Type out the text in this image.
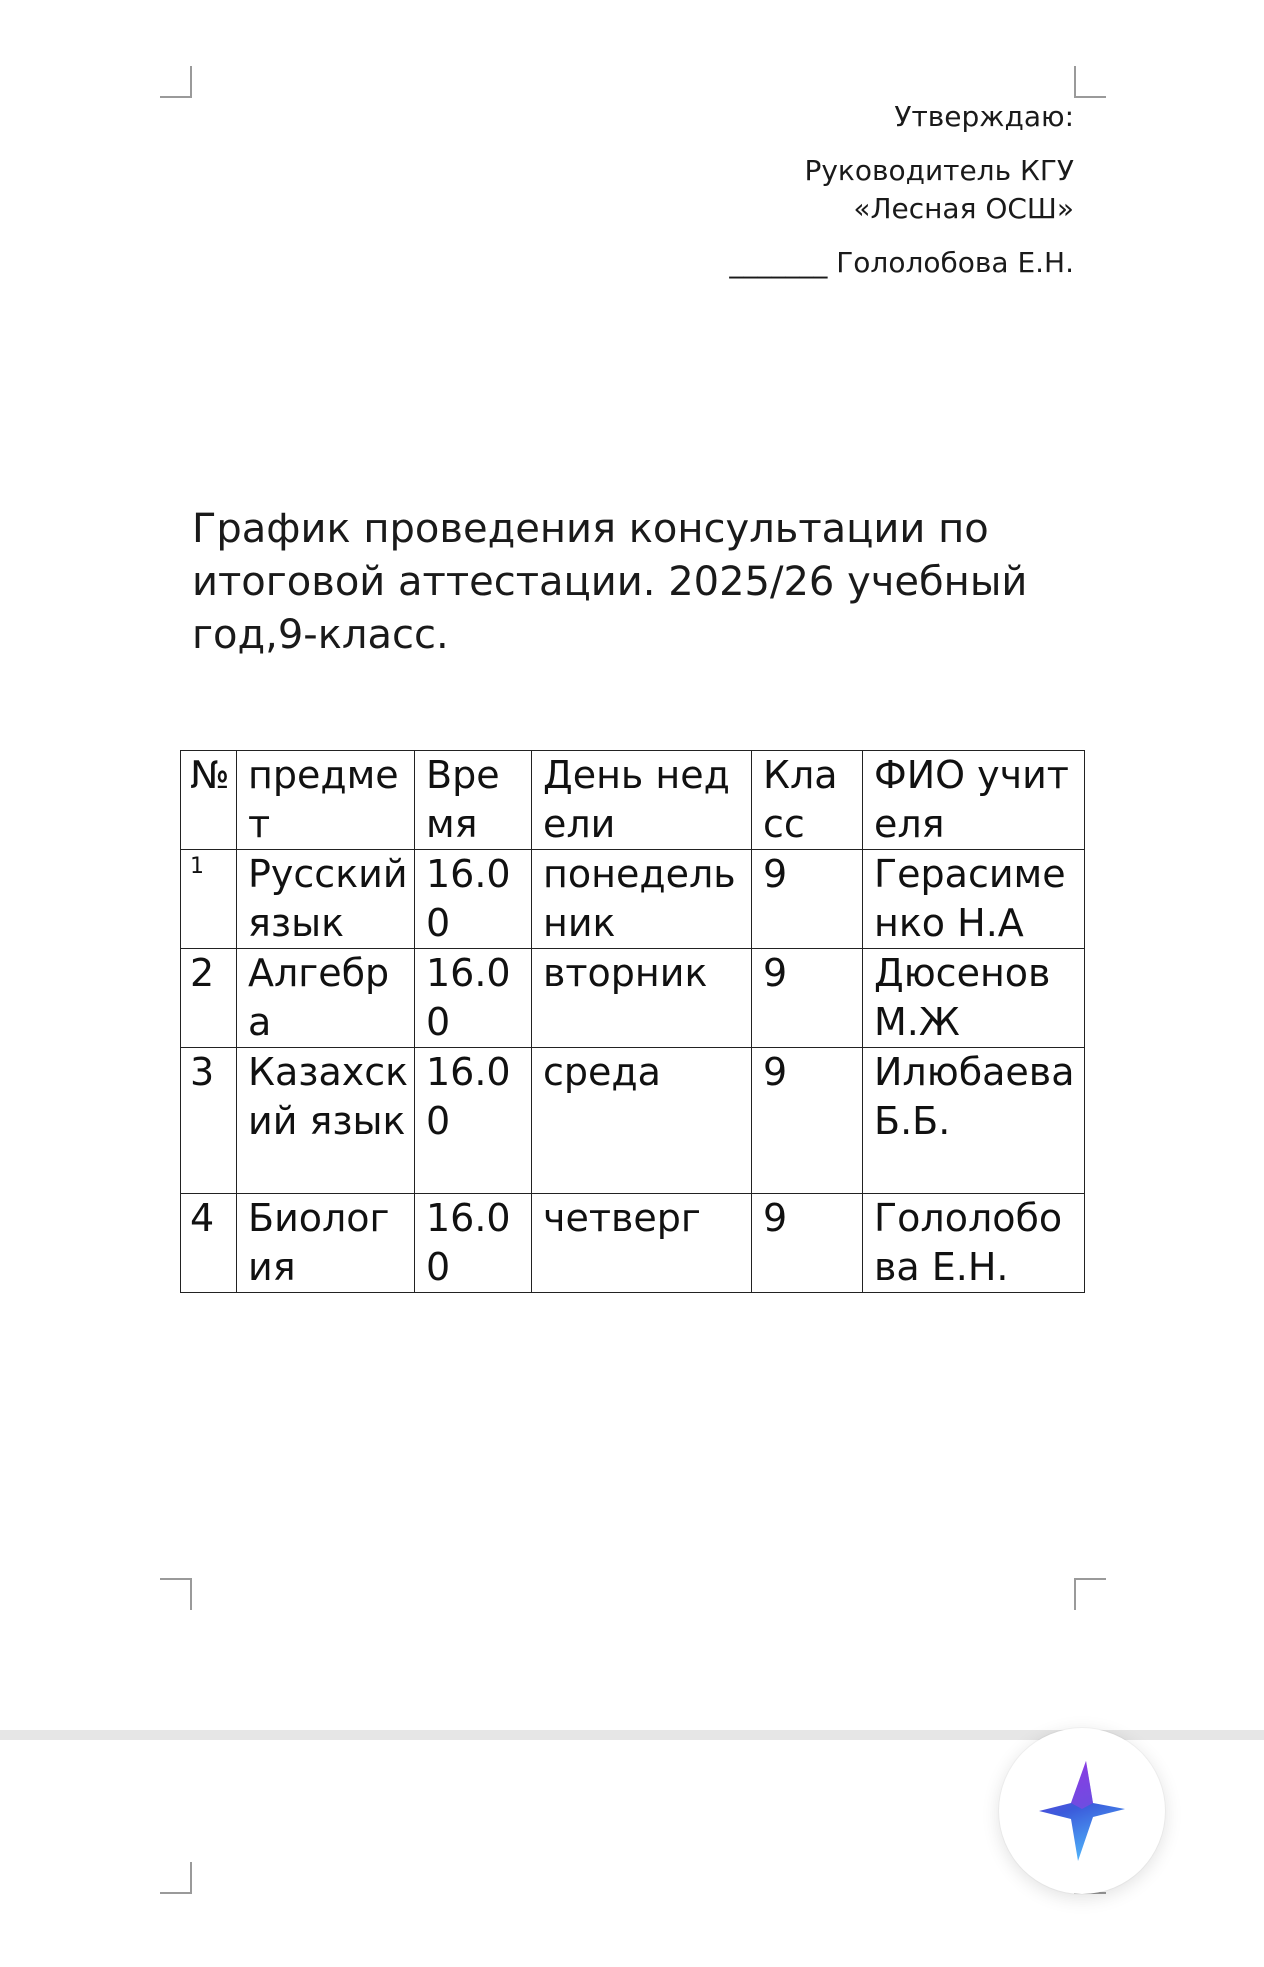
Утверждаю:
Руководитель КГУ
«Лесная ОСШ»
_______ Гололобова Е.Н.
График проведения консультации по итоговой аттестации. 2025/26 учебный год,9-класс.
№	предмет	Время	День недели	Класс	ФИО учителя
1	Русский язык	16.00	понедельник	9	Герасименко Н.А
2	Алгебра	16.00	вторник	9	Дюсенов М.Ж
3	Казахский язык	16.00	среда	9	Илюбаева Б.Б.
4	Биология	16.00	четверг	9	Гололобова Е.Н.
